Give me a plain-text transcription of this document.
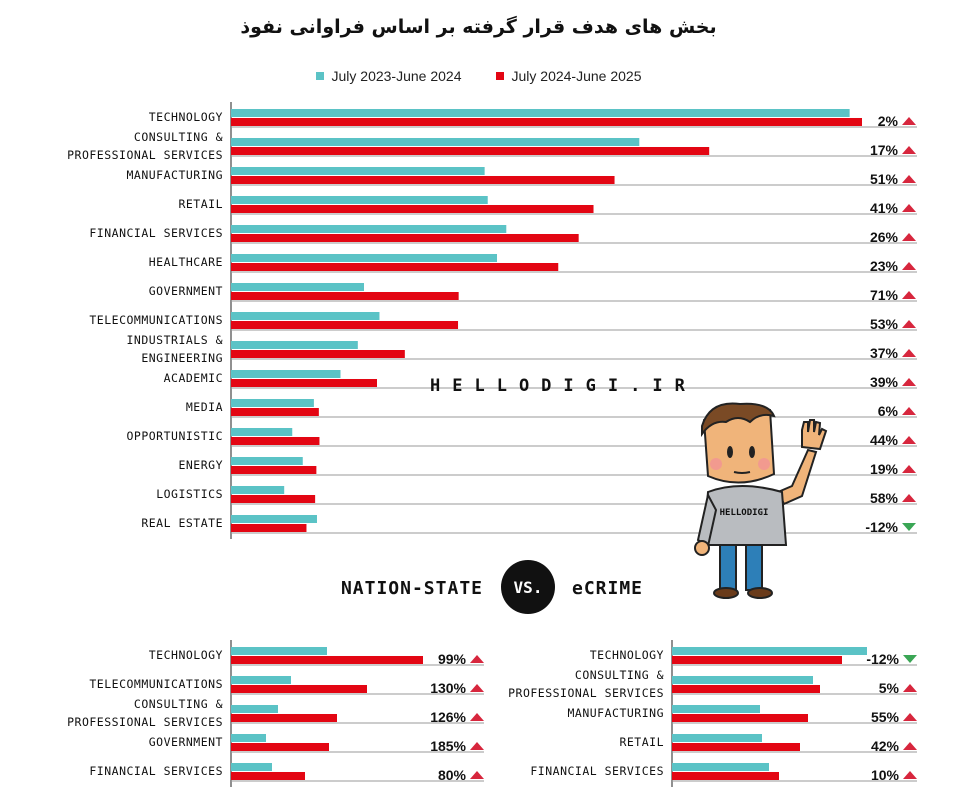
بخش های هدف قرار گرفته بر اساس فراوانی نفوذ
July 2023-June 2024	July 2024-June 2025
TECHNOLOGY	2%
CONSULTING & PROFESSIONAL SERVICES	17%
MANUFACTURING	51%
RETAIL	41%
FINANCIAL SERVICES	26%
HEALTHCARE	23%
GOVERNMENT	71%
TELECOMMUNICATIONS	53%
INDUSTRIALS & ENGINEERING	37%
ACADEMIC	39%
MEDIA	6%
OPPORTUNISTIC	44%
ENERGY	19%
LOGISTICS	58%
REAL ESTATE	-12%
HELLODIGI.IR
HELLODIGI
NATION-STATE VS. eCRIME
TECHNOLOGY	99%
TELECOMMUNICATIONS	130%
CONSULTING & PROFESSIONAL SERVICES	126%
GOVERNMENT	185%
FINANCIAL SERVICES	80%
TECHNOLOGY	-12%
CONSULTING & PROFESSIONAL SERVICES	5%
MANUFACTURING	55%
RETAIL	42%
FINANCIAL SERVICES	10%
